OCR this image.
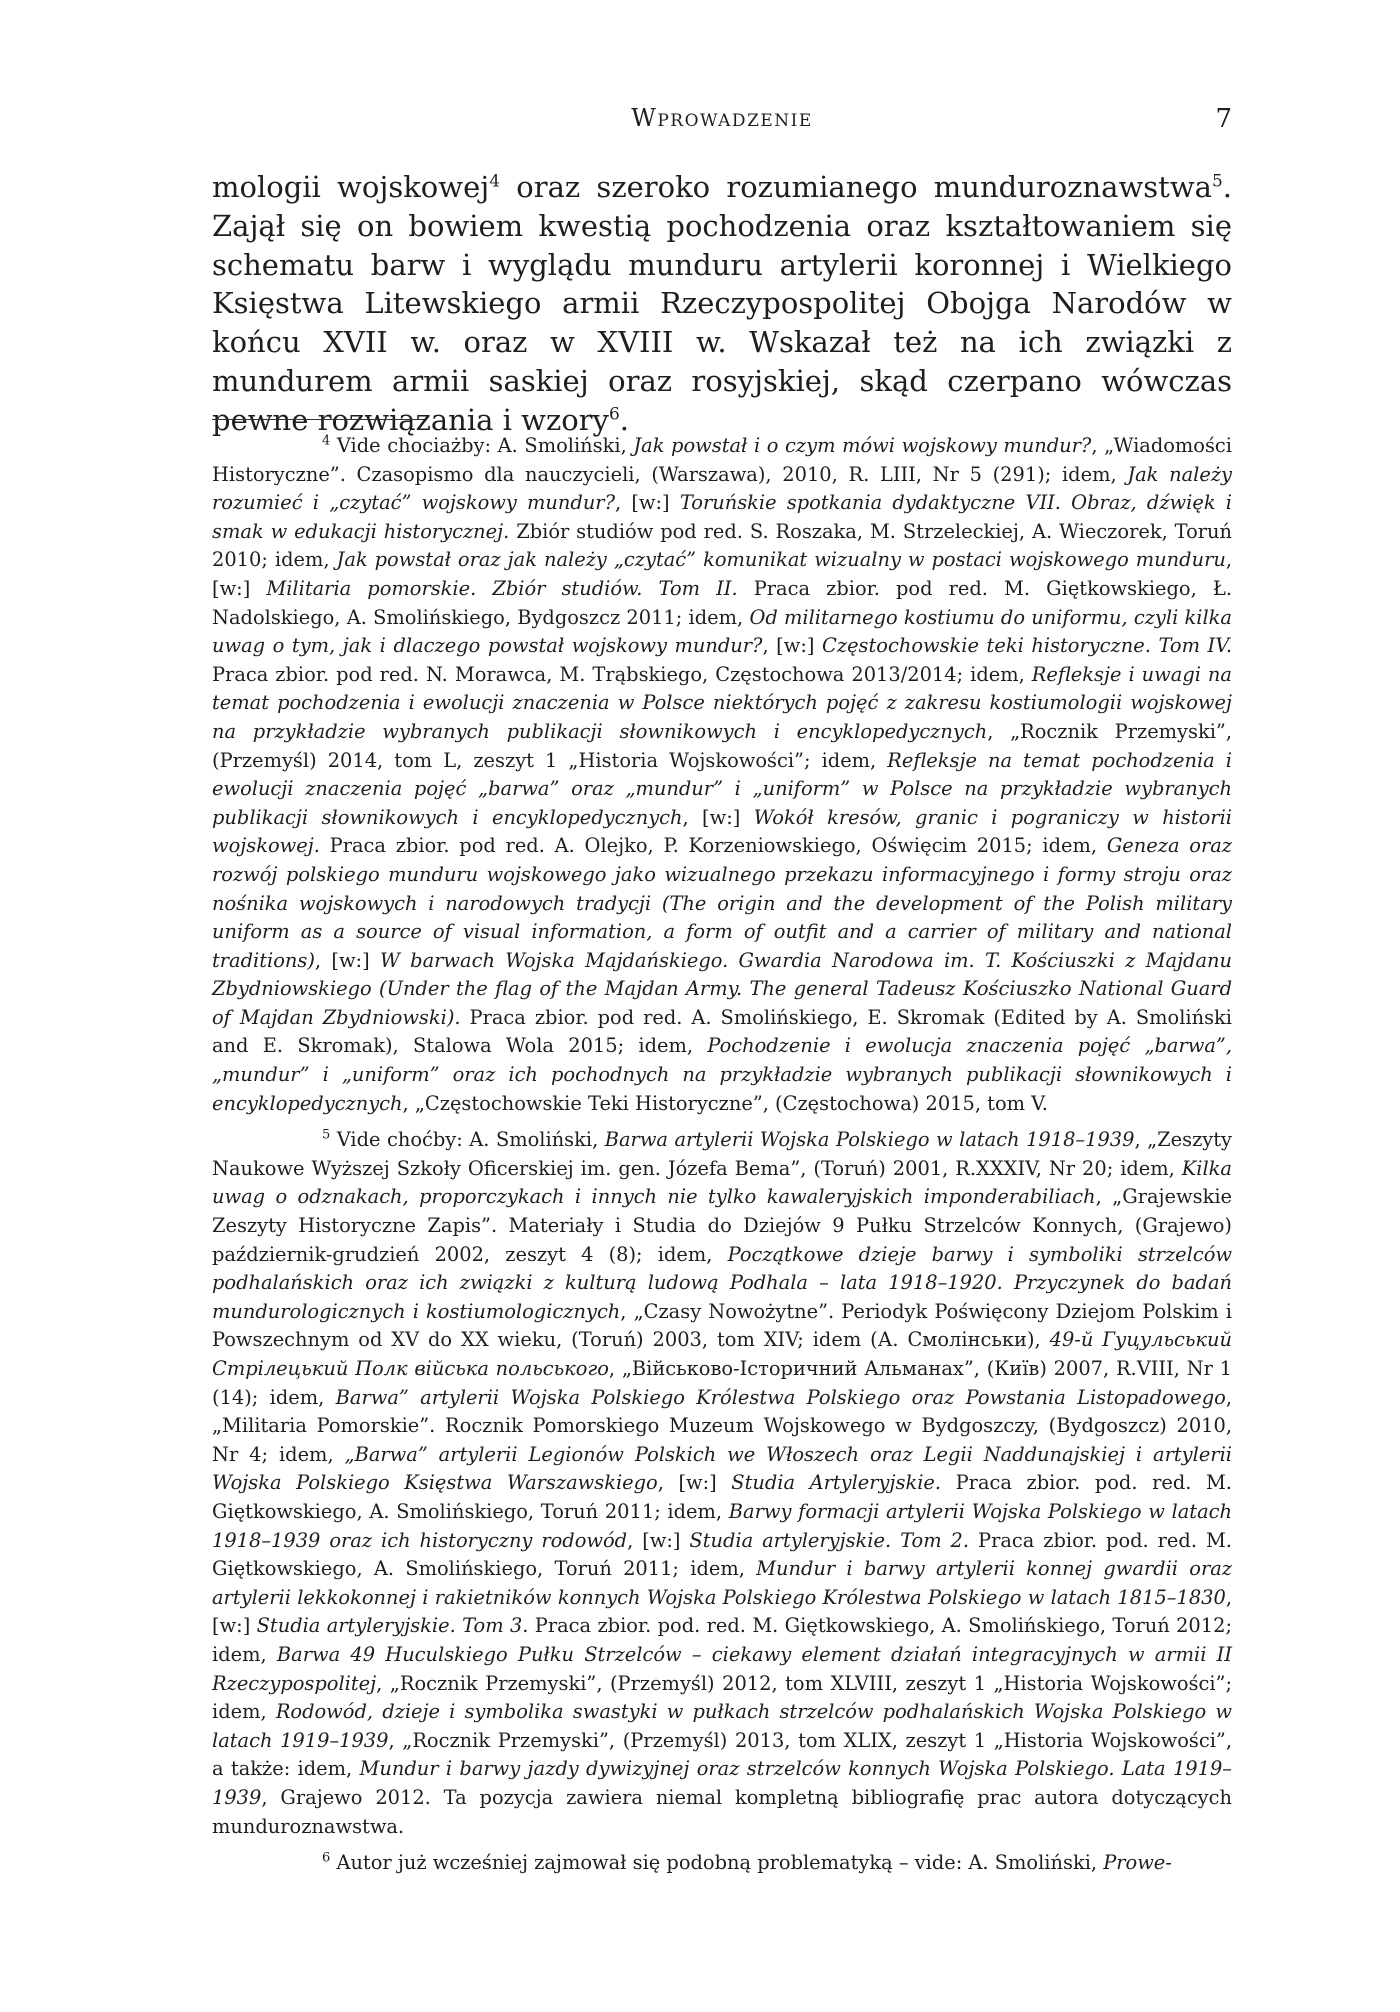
Wprowadzenie	7

mologii wojskowej$^4$ oraz szeroko rozumianego munduroznawstwa$^5$. Zajął się on bowiem kwestią pochodzenia oraz kształtowaniem się schematu barw i wyglądu munduru artylerii koronnej i Wielkiego Księstwa Litewskiego armii Rzeczypospolitej Obojga Narodów w końcu XVII w. oraz w XVIII w. Wskazał też na ich związki z mundurem armii saskiej oraz rosyjskiej, skąd czerpano wówczas pewne rozwiązania i wzory$^6$.

$^4$ Vide chociażby: A. Smoliński, Jak powstał i o czym mówi wojskowy mundur?, „Wiadomości Historyczne”. Czasopismo dla nauczycieli, (Warszawa), 2010, R. LIII, Nr 5 (291); idem, Jak należy rozumieć i „czytać” wojskowy mundur?, [w:] Toruńskie spotkania dydaktyczne VII. Obraz, dźwięk i smak w edukacji historycznej. Zbiór studiów pod red. S. Roszaka, M. Strzeleckiej, A. Wieczorek, Toruń 2010; idem, Jak powstał oraz jak należy „czytać” komunikat wizualny w postaci wojskowego munduru, [w:] Militaria pomorskie. Zbiór studiów. Tom II. Praca zbior. pod red. M. Giętkowskiego, Ł. Nadolskiego, A. Smolińskiego, Bydgoszcz 2011; idem, Od militarnego kostiumu do uniformu, czyli kilka uwag o tym, jak i dlaczego powstał wojskowy mundur?, [w:] Częstochowskie teki historyczne. Tom IV. Praca zbior. pod red. N. Morawca, M. Trąbskiego, Częstochowa 2013/2014; idem, Refleksje i uwagi na temat pochodzenia i ewolucji znaczenia w Polsce niektórych pojęć z zakresu kostiumologii wojskowej na przykładzie wybranych publikacji słownikowych i encyklopedycznych, „Rocznik Przemyski”, (Przemyśl) 2014, tom L, zeszyt 1 „Historia Wojskowości”; idem, Refleksje na temat pochodzenia i ewolucji znaczenia pojęć „barwa” oraz „mundur” i „uniform” w Polsce na przykładzie wybranych publikacji słownikowych i encyklopedycznych, [w:] Wokół kresów, granic i pograniczy w historii wojskowej. Praca zbior. pod red. A. Olejko, P. Korzeniowskiego, Oświęcim 2015; idem, Geneza oraz rozwój polskiego munduru wojskowego jako wizualnego przekazu informacyjnego i formy stroju oraz nośnika wojskowych i narodowych tradycji (The origin and the development of the Polish military uniform as a source of visual information, a form of outfit and a carrier of military and national traditions), [w:] W barwach Wojska Majdańskiego. Gwardia Narodowa im. T. Kościuszki z Majdanu Zbydniowskiego (Under the flag of the Majdan Army. The general Tadeusz Kościuszko National Guard of Majdan Zbydniowski). Praca zbior. pod red. A. Smolińskiego, E. Skromak (Edited by A. Smoliński and E. Skromak), Stalowa Wola 2015; idem, Pochodzenie i ewolucja znaczenia pojęć „barwa”, „mundur” i „uniform” oraz ich pochodnych na przykładzie wybranych publikacji słownikowych i encyklopedycznych, „Częstochowskie Teki Historyczne”, (Częstochowa) 2015, tom V.

$^5$ Vide choćby: A. Smoliński, Barwa artylerii Wojska Polskiego w latach 1918–1939, „Zeszyty Naukowe Wyższej Szkoły Oficerskiej im. gen. Józefa Bema”, (Toruń) 2001, R.XXXIV, Nr 20; idem, Kilka uwag o odznakach, proporczykach i innych nie tylko kawaleryjskich imponderabiliach, „Grajewskie Zeszyty Historyczne Zapis”. Materiały i Studia do Dziejów 9 Pułku Strzelców Konnych, (Grajewo) październik-grudzień 2002, zeszyt 4 (8); idem, Początkowe dzieje barwy i symboliki strzelców podhalańskich oraz ich związki z kulturą ludową Podhala – lata 1918–1920. Przyczynek do badań mundurologicznych i kostiumologicznych, „Czasy Nowożytne”. Periodyk Poświęcony Dziejom Polskim i Powszechnym od XV do XX wieku, (Toruń) 2003, tom XIV; idem (А. Смолінськи), 49-й Гуцульський Стрілецький Полк війська польського, „Військово-Історичний Альманах”, (Київ) 2007, R.VIII, Nr 1 (14); idem, Barwa” artylerii Wojska Polskiego Królestwa Polskiego oraz Powstania Listopadowego, „Militaria Pomorskie”. Rocznik Pomorskiego Muzeum Wojskowego w Bydgoszczy, (Bydgoszcz) 2010, Nr 4; idem, „Barwa” artylerii Legionów Polskich we Włoszech oraz Legii Naddunajskiej i artylerii Wojska Polskiego Księstwa Warszawskiego, [w:] Studia Artyleryjskie. Praca zbior. pod. red. M. Giętkowskiego, A. Smolińskiego, Toruń 2011; idem, Barwy formacji artylerii Wojska Polskiego w latach 1918–1939 oraz ich historyczny rodowód, [w:] Studia artyleryjskie. Tom 2. Praca zbior. pod. red. M. Giętkowskiego, A. Smolińskiego, Toruń 2011; idem, Mundur i barwy artylerii konnej gwardii oraz artylerii lekkokonnej i rakietników konnych Wojska Polskiego Królestwa Polskiego w latach 1815–1830, [w:] Studia artyleryjskie. Tom 3. Praca zbior. pod. red. M. Giętkowskiego, A. Smolińskiego, Toruń 2012; idem, Barwa 49 Huculskiego Pułku Strzelców – ciekawy element działań integracyjnych w armii II Rzeczypospolitej, „Rocznik Przemyski”, (Przemyśl) 2012, tom XLVIII, zeszyt 1 „Historia Wojskowości”; idem, Rodowód, dzieje i symbolika swastyki w pułkach strzelców podhalańskich Wojska Polskiego w latach 1919–1939, „Rocznik Przemyski”, (Przemyśl) 2013, tom XLIX, zeszyt 1 „Historia Wojskowości”, a także: idem, Mundur i barwy jazdy dywizyjnej oraz strzelców konnych Wojska Polskiego. Lata 1919–1939, Grajewo 2012. Ta pozycja zawiera niemal kompletną bibliografię prac autora dotyczących munduroznawstwa.

$^6$ Autor już wcześniej zajmował się podobną problematyką – vide: A. Smoliński, Prowe-
